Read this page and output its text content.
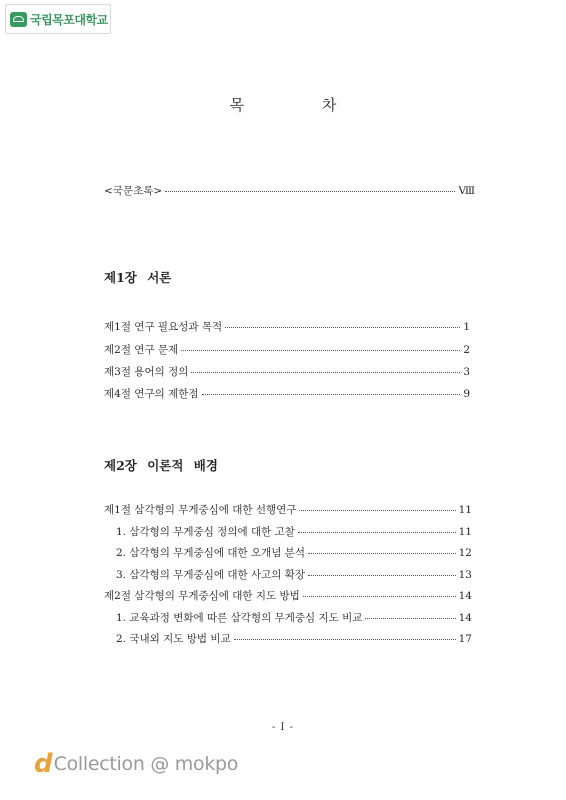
국립목포대학교
목	차
<국문초록>	Ⅷ
제1장 서론
제1절 연구 필요성과 목적	1
제2절 연구 문제	2
제3절 용어의 정의	3
제4절 연구의 제한점	9
제2장 이론적 배경
제1절 삼각형의 무게중심에 대한 선행연구	11
1. 삼각형의 무게중심 정의에 대한 고찰	11
2. 삼각형의 무게중심에 대한 오개념 분석	12
3. 삼각형의 무게중심에 대한 사고의 확장	13
제2절 삼각형의 무게중심에 대한 지도 방법	14
1. 교육과정 변화에 따른 삼각형의 무게중심 지도 비교	14
2. 국내외 지도 방법 비교	17
- Ⅰ -
d Collection @ mokpo
